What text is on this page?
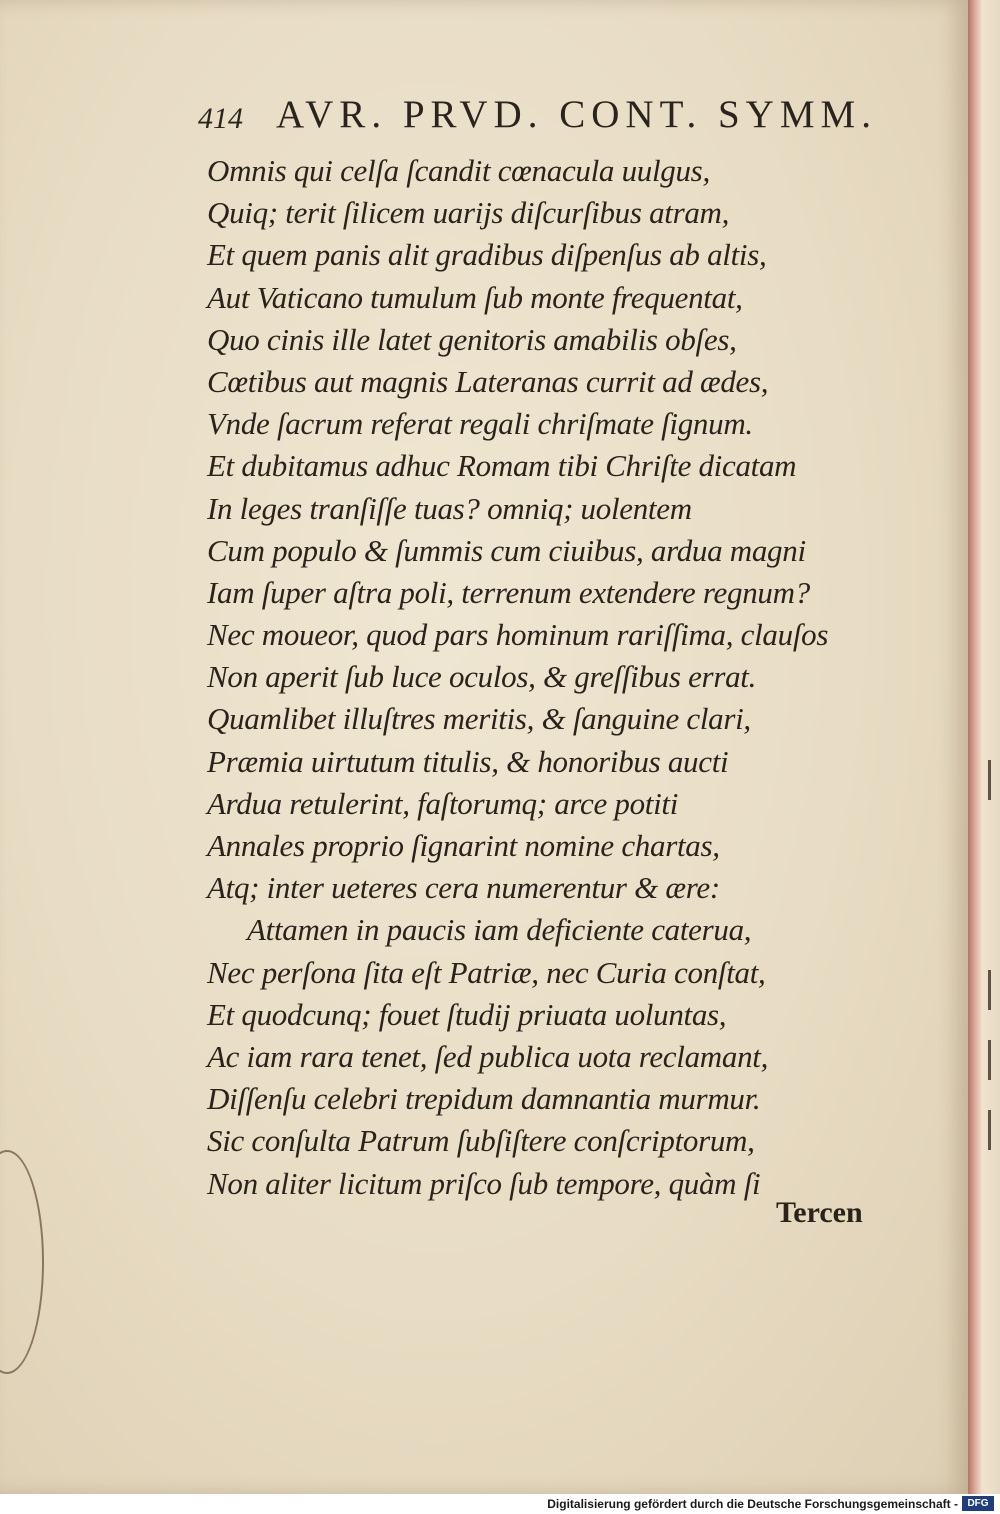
414 AVR. PRVD. CONT. SYMM.
Omnis qui celſa ſcandit cœnacula uulgus,
Quiq; terit ſilicem uarijs diſcurſibus atram,
Et quem panis alit gradibus diſpenſus ab altis,
Aut Vaticano tumulum ſub monte frequentat,
Quo cinis ille latet genitoris amabilis obſes,
Cœtibus aut magnis Lateranas currit ad ædes,
Vnde ſacrum referat regali chriſmate ſignum.
Et dubitamus adhuc Romam tibi Chriſte dicatam
In leges tranſiſſe tuas? omniq; uolentem
Cum populo & ſummis cum ciuibus, ardua magni
Iam ſuper aſtra poli, terrenum extendere regnum?
Nec moueor, quod pars hominum rariſſima, clauſos
Non aperit ſub luce oculos, & greſſibus errat.
Quamlibet illuſtres meritis, & ſanguine clari,
Præmia uirtutum titulis, & honoribus aucti
Ardua retulerint, faſtorumq; arce potiti
Annales proprio ſignarint nomine chartas,
Atq; inter ueteres cera numerentur & ære:
Attamen in paucis iam deficiente caterua,
Nec perſona ſita eſt Patriæ, nec Curia conſtat,
Et quodcunq; fouet ſtudij priuata uoluntas,
Ac iam rara tenet, ſed publica uota reclamant,
Diſſenſu celebri trepidum damnantia murmur.
Sic conſulta Patrum ſubſiſtere conſcriptorum,
Non aliter licitum priſco ſub tempore, quàm ſi
Tercen
Digitalisierung gefördert durch die Deutsche Forschungsgemeinschaft - DFG
